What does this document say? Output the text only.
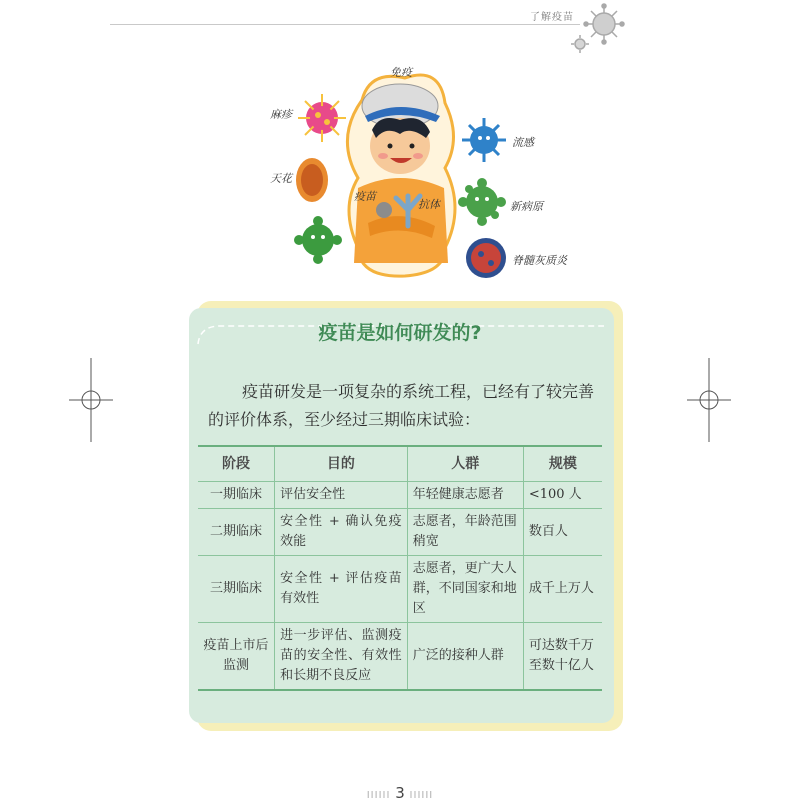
了解疫苗
免疫
麻疹
天花
疫苗
抗体
流感
新病原
脊髓灰质炎
疫苗是如何研发的?
疫苗研发是一项复杂的系统工程，已经有了较完善的评价体系，至少经过三期临床试验：
阶段	目的	人群	规模
一期临床	评估安全性	年轻健康志愿者	<100 人
二期临床	安全性 + 确认免疫效能	志愿者，年龄范围稍宽	数百人
三期临床	安全性 + 评估疫苗有效性	志愿者，更广大人群，不同国家和地区	成千上万人
疫苗上市后监测	进一步评估、监测疫苗的安全性、有效性和长期不良反应	广泛的接种人群	可达数千万至数十亿人
IIIIII 3 IIIIII
